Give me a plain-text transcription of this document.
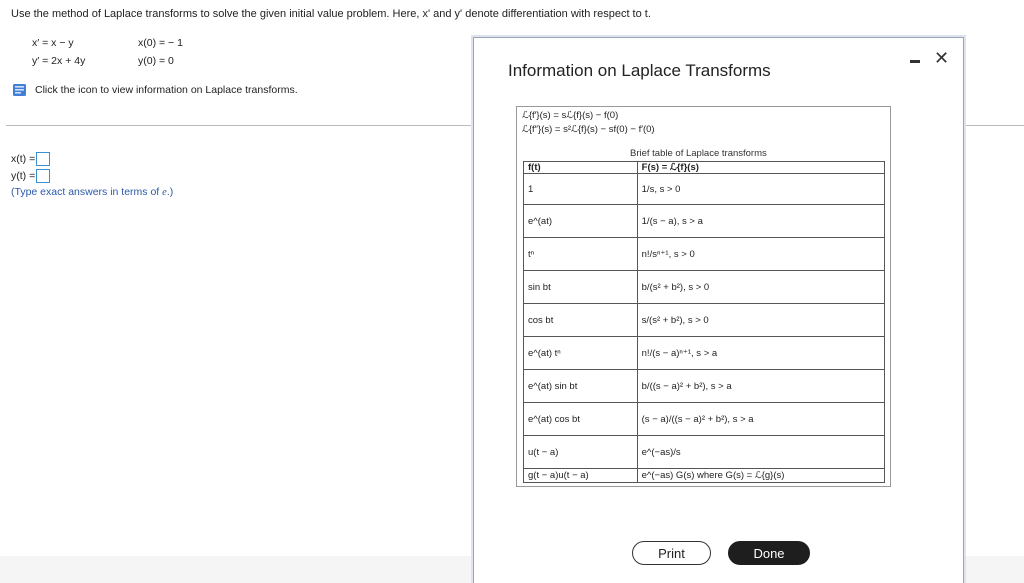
Use the method of Laplace transforms to solve the given initial value problem. Here, x' and y' denote differentiation with respect to t.
x′ = x − y
y′ = 2x + 4y
x(0) = − 1
y(0) = 0
Click the icon to view information on Laplace transforms.
x(t) =
y(t) =
(Type exact answers in terms of e.)
Information on Laplace Transforms
✕
ℒ{f′}(s) = sℒ{f}(s) − f(0)
ℒ{f″}(s) = s²ℒ{f}(s) − sf(0) − f′(0)
Brief table of Laplace transforms
f(t)	F(s) = ℒ{f}(s)
1	1/s, s > 0
e^(at)	1/(s − a), s > a
tⁿ	n!/sⁿ⁺¹, s > 0
sin bt	b/(s² + b²), s > 0
cos bt	s/(s² + b²), s > 0
e^(at) tⁿ	n!/(s − a)ⁿ⁺¹, s > a
e^(at) sin bt	b/((s − a)² + b²), s > a
e^(at) cos bt	(s − a)/((s − a)² + b²), s > a
u(t − a)	e^(−as)/s
g(t − a)u(t − a)	e^(−as) G(s) where G(s) = ℒ{g}(s)
Print	Done
